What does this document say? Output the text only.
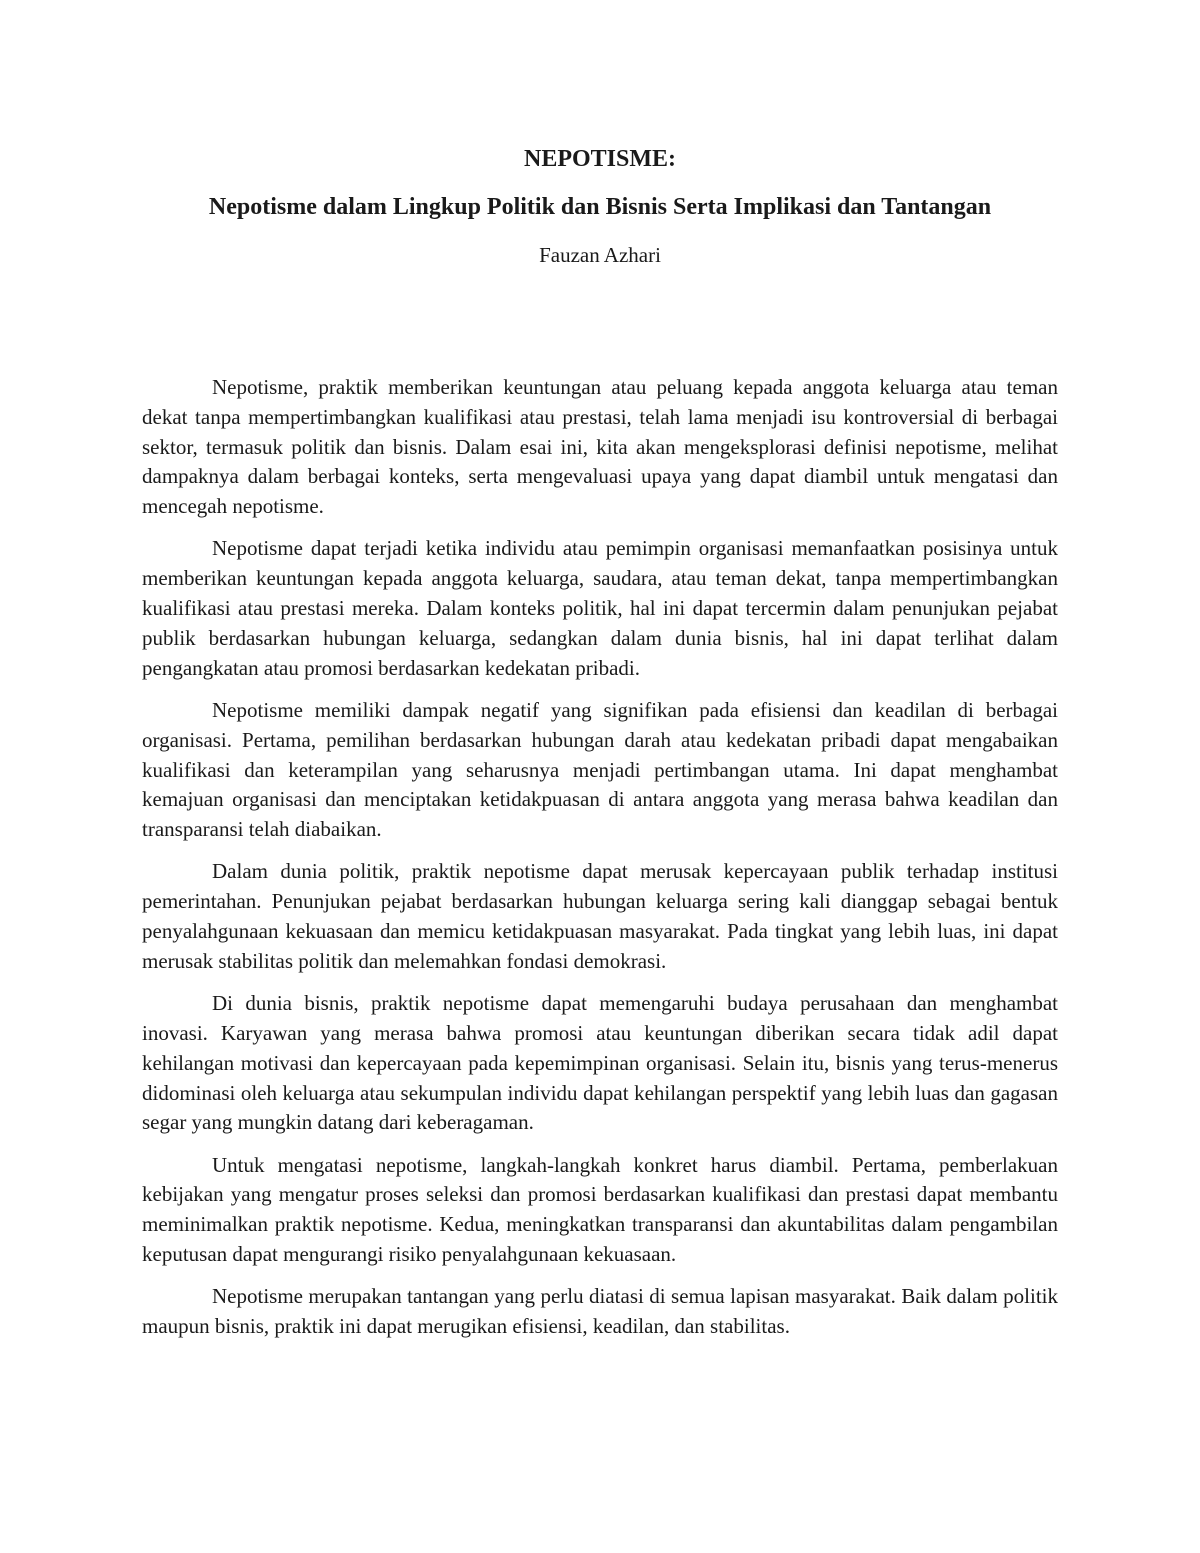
NEPOTISME:
Nepotisme dalam Lingkup Politik dan Bisnis Serta Implikasi dan Tantangan
Fauzan Azhari

Nepotisme, praktik memberikan keuntungan atau peluang kepada anggota keluarga atau teman dekat tanpa mempertimbangkan kualifikasi atau prestasi, telah lama menjadi isu kontroversial di berbagai sektor, termasuk politik dan bisnis. Dalam esai ini, kita akan mengeksplorasi definisi nepotisme, melihat dampaknya dalam berbagai konteks, serta mengevaluasi upaya yang dapat diambil untuk mengatasi dan mencegah nepotisme.

Nepotisme dapat terjadi ketika individu atau pemimpin organisasi memanfaatkan posisinya untuk memberikan keuntungan kepada anggota keluarga, saudara, atau teman dekat, tanpa mempertimbangkan kualifikasi atau prestasi mereka. Dalam konteks politik, hal ini dapat tercermin dalam penunjukan pejabat publik berdasarkan hubungan keluarga, sedangkan dalam dunia bisnis, hal ini dapat terlihat dalam pengangkatan atau promosi berdasarkan kedekatan pribadi.

Nepotisme memiliki dampak negatif yang signifikan pada efisiensi dan keadilan di berbagai organisasi. Pertama, pemilihan berdasarkan hubungan darah atau kedekatan pribadi dapat mengabaikan kualifikasi dan keterampilan yang seharusnya menjadi pertimbangan utama. Ini dapat menghambat kemajuan organisasi dan menciptakan ketidakpuasan di antara anggota yang merasa bahwa keadilan dan transparansi telah diabaikan.

Dalam dunia politik, praktik nepotisme dapat merusak kepercayaan publik terhadap institusi pemerintahan. Penunjukan pejabat berdasarkan hubungan keluarga sering kali dianggap sebagai bentuk penyalahgunaan kekuasaan dan memicu ketidakpuasan masyarakat. Pada tingkat yang lebih luas, ini dapat merusak stabilitas politik dan melemahkan fondasi demokrasi.

Di dunia bisnis, praktik nepotisme dapat memengaruhi budaya perusahaan dan menghambat inovasi. Karyawan yang merasa bahwa promosi atau keuntungan diberikan secara tidak adil dapat kehilangan motivasi dan kepercayaan pada kepemimpinan organisasi. Selain itu, bisnis yang terus-menerus didominasi oleh keluarga atau sekumpulan individu dapat kehilangan perspektif yang lebih luas dan gagasan segar yang mungkin datang dari keberagaman.

Untuk mengatasi nepotisme, langkah-langkah konkret harus diambil. Pertama, pemberlakuan kebijakan yang mengatur proses seleksi dan promosi berdasarkan kualifikasi dan prestasi dapat membantu meminimalkan praktik nepotisme. Kedua, meningkatkan transparansi dan akuntabilitas dalam pengambilan keputusan dapat mengurangi risiko penyalahgunaan kekuasaan.

Nepotisme merupakan tantangan yang perlu diatasi di semua lapisan masyarakat. Baik dalam politik maupun bisnis, praktik ini dapat merugikan efisiensi, keadilan, dan stabilitas.
